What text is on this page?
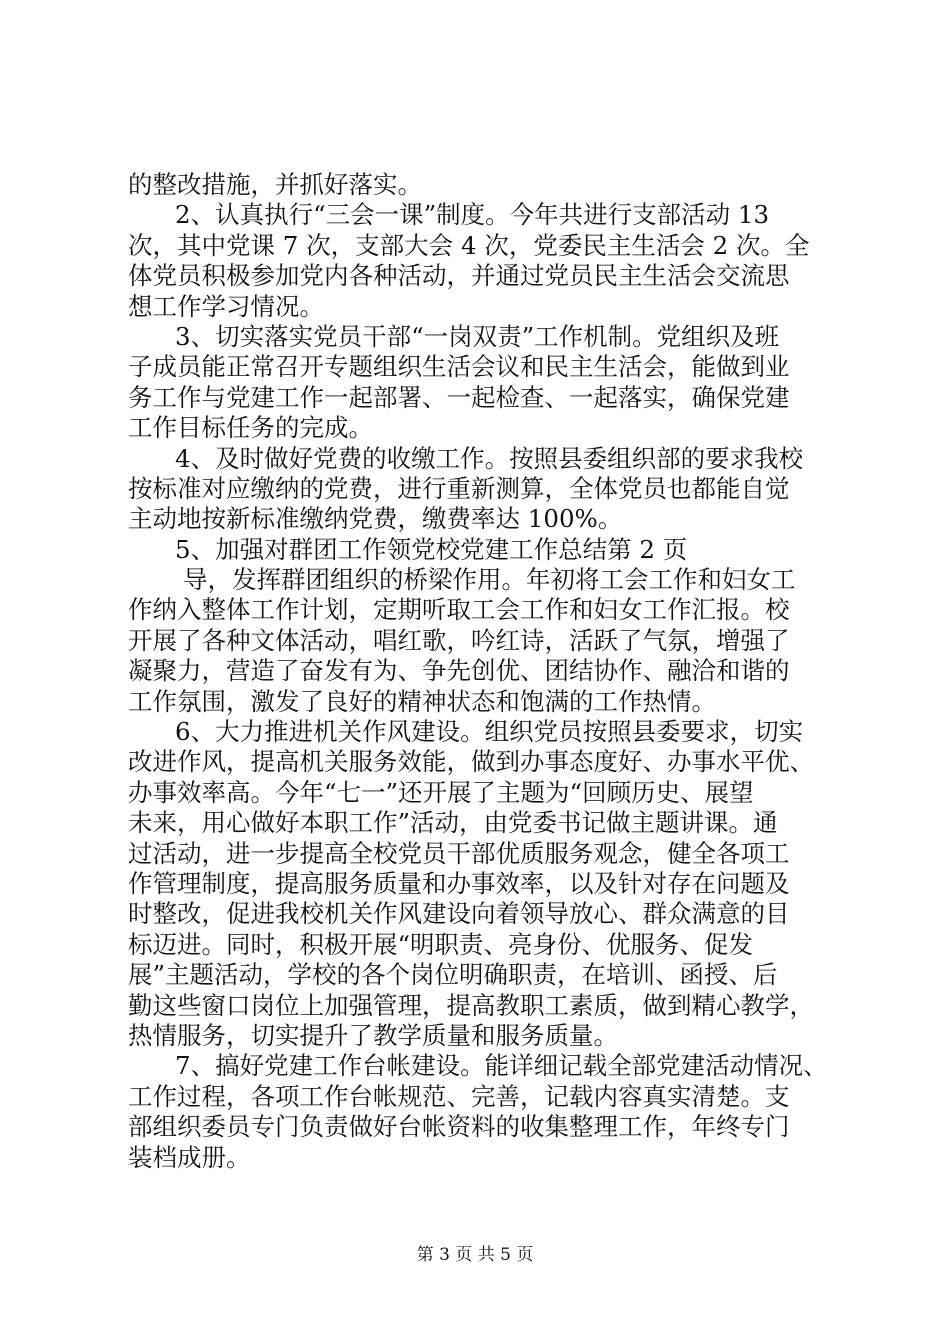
的整改措施，并抓好落实。
2、认真执行“三会一课”制度。今年共进行支部活动 13
次，其中党课 7 次，支部大会 4 次，党委民主生活会 2 次。全
体党员积极参加党内各种活动，并通过党员民主生活会交流思
想工作学习情况。
3、切实落实党员干部“一岗双责”工作机制。党组织及班
子成员能正常召开专题组织生活会议和民主生活会，能做到业
务工作与党建工作一起部署、一起检查、一起落实，确保党建
工作目标任务的完成。
4、及时做好党费的收缴工作。按照县委组织部的要求我校
按标准对应缴纳的党费，进行重新测算，全体党员也都能自觉
主动地按新标准缴纳党费，缴费率达 100%。
5、加强对群团工作领党校党建工作总结第 2 页
导，发挥群团组织的桥梁作用。年初将工会工作和妇女工
作纳入整体工作计划，定期听取工会工作和妇女工作汇报。校
开展了各种文体活动，唱红歌，吟红诗，活跃了气氛，增强了
凝聚力，营造了奋发有为、争先创优、团结协作、融洽和谐的
工作氛围，激发了良好的精神状态和饱满的工作热情。
6、大力推进机关作风建设。组织党员按照县委要求，切实
改进作风，提高机关服务效能，做到办事态度好、办事水平优、
办事效率高。今年“七一”还开展了主题为“回顾历史、展望
未来，用心做好本职工作”活动，由党委书记做主题讲课。通
过活动，进一步提高全校党员干部优质服务观念，健全各项工
作管理制度，提高服务质量和办事效率，以及针对存在问题及
时整改，促进我校机关作风建设向着领导放心、群众满意的目
标迈进。同时，积极开展“明职责、亮身份、优服务、促发
展”主题活动，学校的各个岗位明确职责，在培训、函授、后
勤这些窗口岗位上加强管理，提高教职工素质，做到精心教学，
热情服务，切实提升了教学质量和服务质量。
7、搞好党建工作台帐建设。能详细记载全部党建活动情况、
工作过程，各项工作台帐规范、完善，记载内容真实清楚。支
部组织委员专门负责做好台帐资料的收集整理工作，年终专门
装档成册。
第 3 页 共 5 页
